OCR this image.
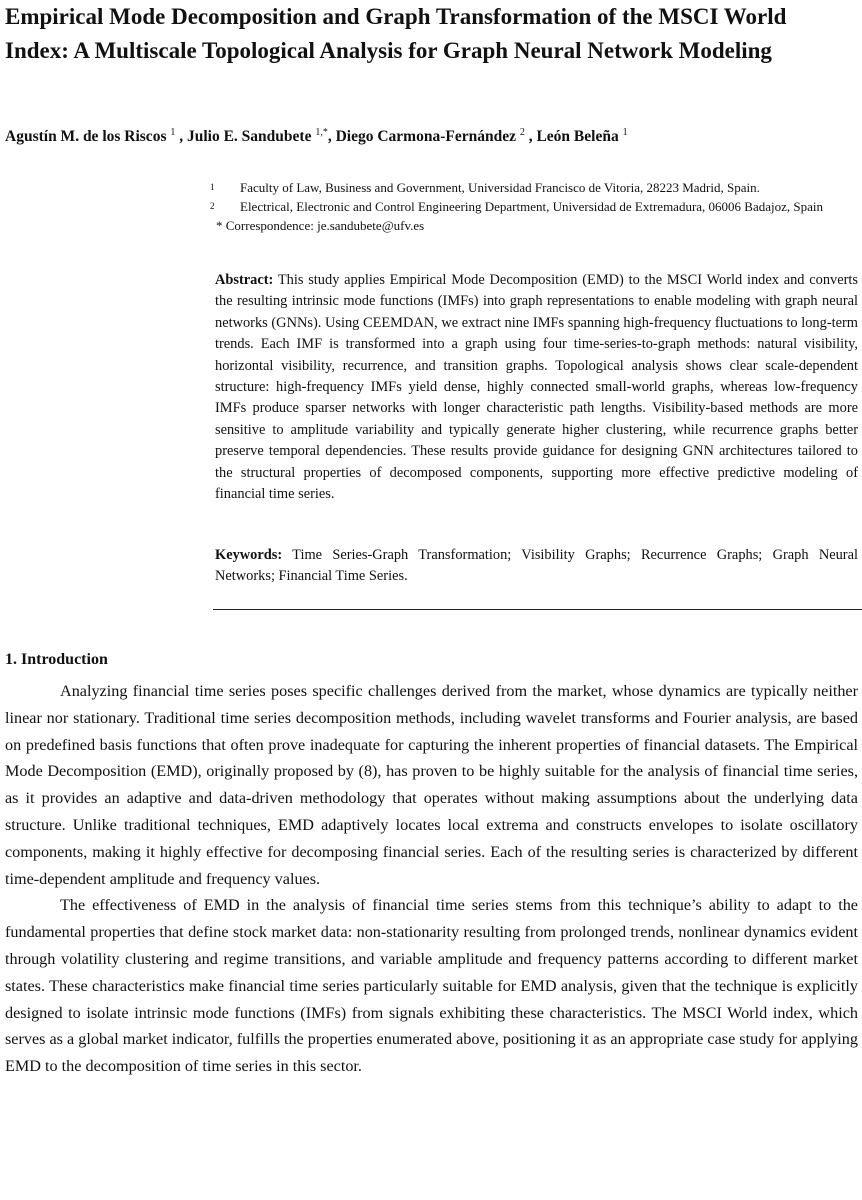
Empirical Mode Decomposition and Graph Transformation of the MSCI World Index: A Multiscale Topological Analysis for Graph Neural Network Modeling
Agustín M. de los Riscos $^1$ , Julio E. Sandubete $^{1,*}$, Diego Carmona-Fernández $^2$ , León Beleña $^1$
1	Faculty of Law, Business and Government, Universidad Francisco de Vitoria, 28223 Madrid, Spain.
2	Electrical, Electronic and Control Engineering Department, Universidad de Extremadura, 06006 Badajoz, Spain
* Correspondence: je.sandubete@ufv.es
Abstract: This study applies Empirical Mode Decomposition (EMD) to the MSCI World index and converts the resulting intrinsic mode functions (IMFs) into graph representations to enable modeling with graph neural networks (GNNs). Using CEEMDAN, we extract nine IMFs spanning high-frequency fluctuations to long-term trends. Each IMF is transformed into a graph using four time-series-to-graph methods: natural visibility, horizontal visibility, recurrence, and transition graphs. Topological analysis shows clear scale-dependent structure: high-frequency IMFs yield dense, highly connected small-world graphs, whereas low-frequency IMFs produce sparser networks with longer characteristic path lengths. Visibility-based methods are more sensitive to amplitude variability and typically generate higher clustering, while recurrence graphs better preserve temporal dependencies. These results provide guidance for designing GNN architectures tailored to the structural properties of decomposed components, supporting more effective predictive modeling of financial time series.
Keywords: Time Series-Graph Transformation; Visibility Graphs; Recurrence Graphs; Graph Neural Networks; Financial Time Series.
1. Introduction

Analyzing financial time series poses specific challenges derived from the market, whose dynamics are typically neither linear nor stationary. Traditional time series decomposition methods, including wavelet transforms and Fourier analysis, are based on predefined basis functions that often prove inadequate for capturing the inherent properties of financial datasets. The Empirical Mode Decomposition (EMD), originally proposed by (8), has proven to be highly suitable for the analysis of financial time series, as it provides an adaptive and data-driven methodology that operates without making assumptions about the underlying data structure. Unlike traditional techniques, EMD adaptively locates local extrema and constructs envelopes to isolate oscillatory components, making it highly effective for decomposing financial series. Each of the resulting series is characterized by different time-dependent amplitude and frequency values.

The effectiveness of EMD in the analysis of financial time series stems from this technique’s ability to adapt to the fundamental properties that define stock market data: non-stationarity resulting from prolonged trends, nonlinear dynamics evident through volatility clustering and regime transitions, and variable amplitude and frequency patterns according to different market states. These characteristics make financial time series particularly suitable for EMD analysis, given that the technique is explicitly designed to isolate intrinsic mode functions (IMFs) from signals exhibiting these characteristics. The MSCI World index, which serves as a global market indicator, fulfills the properties enumerated above, positioning it as an appropriate case study for applying EMD to the decomposition of time series in this sector.
